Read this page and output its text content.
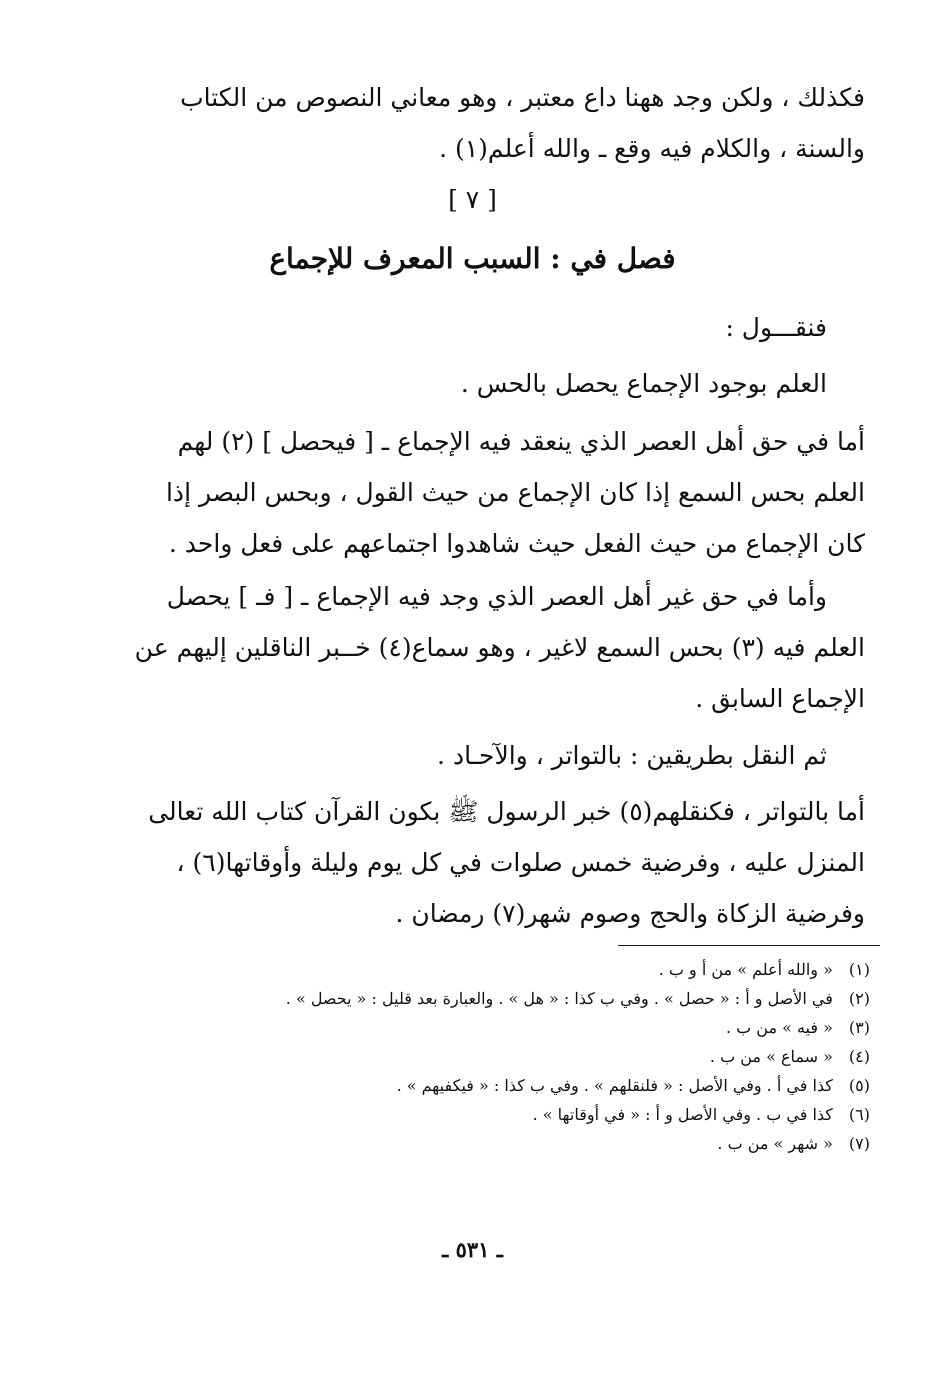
فكذلك ، ولكن وجد ههنا داع معتبر ، وهو معاني النصوص من الكتاب
والسنة ، والكلام فيه وقع ـ والله أعلم(١) .
[ ٧ ]
فصل في : السبب المعرف للإجماع
فنقـــول :
العلم بوجود الإجماع يحصل بالحس .
أما في حق أهل العصر الذي ينعقد فيه الإجماع ـ [ فيحصل ] (٢) لهم
العلم بحس السمع إذا كان الإجماع من حيث القول ، وبحس البصر إذا
كان الإجماع من حيث الفعل حيث شاهدوا اجتماعهم على فعل واحد .
وأما في حق غير أهل العصر الذي وجد فيه الإجماع ـ [ فـ ] يحصل
العلم فيه (٣) بحس السمع لاغير ، وهو سماع(٤) خــبر الناقلين إليهم عن
الإجماع السابق .
ثم النقل بطريقين : بالتواتر ، والآحـاد .
أما بالتواتر ، فكنقلهم(٥) خبر الرسول ﷺ بكون القرآن كتاب الله تعالى
المنزل عليه ، وفرضية خمس صلوات في كل يوم وليلة وأوقاتها(٦) ،
وفرضية الزكاة والحج وصوم شهر(٧) رمضان .
(١) « والله أعلم » من أ و ب .
(٢) في الأصل و أ : « حصل » . وفي ب كذا : « هل » . والعبارة بعد قليل : « يحصل » .
(٣) « فيه » من ب .
(٤) « سماع » من ب .
(٥) كذا في أ . وفي الأصل : « فلنقلهم » . وفي ب كذا : « فيكفيهم » .
(٦) كذا في ب . وفي الأصل و أ : « في أوقاتها » .
(٧) « شهر » من ب .
ـ ٥٣١ ـ
